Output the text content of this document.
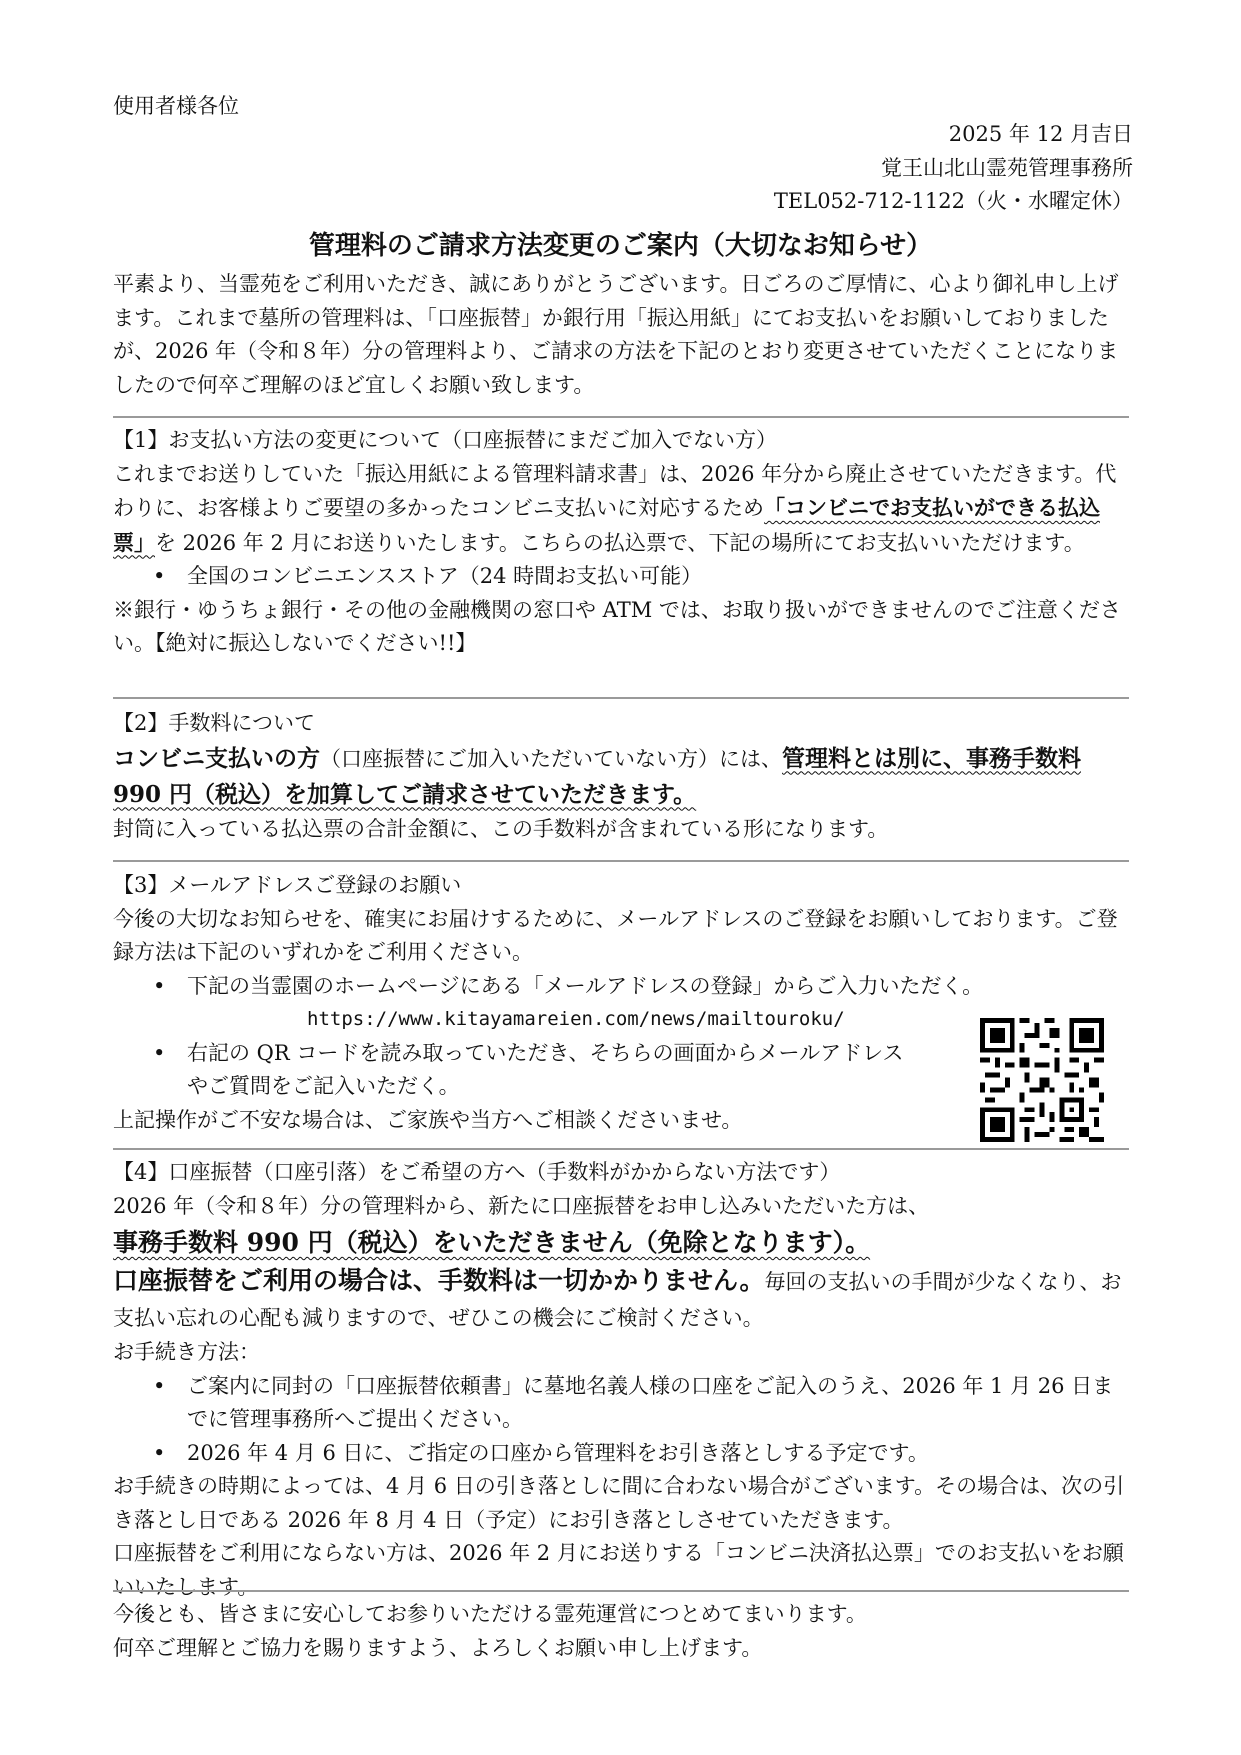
使用者様各位

2025 年 12 月吉日

覚王山北山霊苑管理事務所

TEL052-712-1122（火・水曜定休）

管理料のご請求方法変更のご案内（大切なお知らせ）

平素より、当霊苑をご利用いただき、誠にありがとうございます。日ごろのご厚情に、心より御礼申し上げます。これまで墓所の管理料は、「口座振替」か銀行用「振込用紙」にてお支払いをお願いしておりましたが、2026 年（令和８年）分の管理料より、ご請求の方法を下記のとおり変更させていただくことになりましたので何卒ご理解のほど宜しくお願い致します。

【1】お支払い方法の変更について（口座振替にまだご加入でない方）

これまでお送りしていた「振込用紙による管理料請求書」は、2026 年分から廃止させていただきます。代わりに、お客様よりご要望の多かったコンビニ支払いに対応するため「コンビニでお支払いができる払込票」を 2026 年 2 月にお送りいたします。こちらの払込票で、下記の場所にてお支払いいただけます。

• 全国のコンビニエンスストア（24 時間お支払い可能）

※銀行・ゆうちょ銀行・その他の金融機関の窓口や ATM では、お取り扱いができませんのでご注意ください。【絶対に振込しないでください!!】

【2】手数料について

コンビニ支払いの方（口座振替にご加入いただいていない方）には、管理料とは別に、事務手数料 990 円（税込）を加算してご請求させていただきます。

封筒に入っている払込票の合計金額に、この手数料が含まれている形になります。

【3】メールアドレスご登録のお願い

今後の大切なお知らせを、確実にお届けするために、メールアドレスのご登録をお願いしております。ご登録方法は下記のいずれかをご利用ください。

• 下記の当霊園のホームページにある「メールアドレスの登録」からご入力いただく。
https://www.kitayamareien.com/news/mailtouroku/
• 右記の QR コードを読み取っていただき、そちらの画面からメールアドレスやご質問をご記入いただく。

上記操作がご不安な場合は、ご家族や当方へご相談くださいませ。

【4】口座振替（口座引落）をご希望の方へ（手数料がかからない方法です）

2026 年（令和８年）分の管理料から、新たに口座振替をお申し込みいただいた方は、

事務手数料 990 円（税込）をいただきません（免除となります）。

口座振替をご利用の場合は、手数料は一切かかりません。毎回の支払いの手間が少なくなり、お支払い忘れの心配も減りますので、ぜひこの機会にご検討ください。

お手続き方法：

• ご案内に同封の「口座振替依頼書」に墓地名義人様の口座をご記入のうえ、2026 年 1 月 26 日までに管理事務所へご提出ください。
• 2026 年 4 月 6 日に、ご指定の口座から管理料をお引き落としする予定です。

お手続きの時期によっては、4 月 6 日の引き落としに間に合わない場合がございます。その場合は、次の引き落とし日である 2026 年 8 月 4 日（予定）にお引き落としさせていただきます。

口座振替をご利用にならない方は、2026 年 2 月にお送りする「コンビニ決済払込票」でのお支払いをお願いいたします。

今後とも、皆さまに安心してお参りいただける霊苑運営につとめてまいります。

何卒ご理解とご協力を賜りますよう、よろしくお願い申し上げます。
